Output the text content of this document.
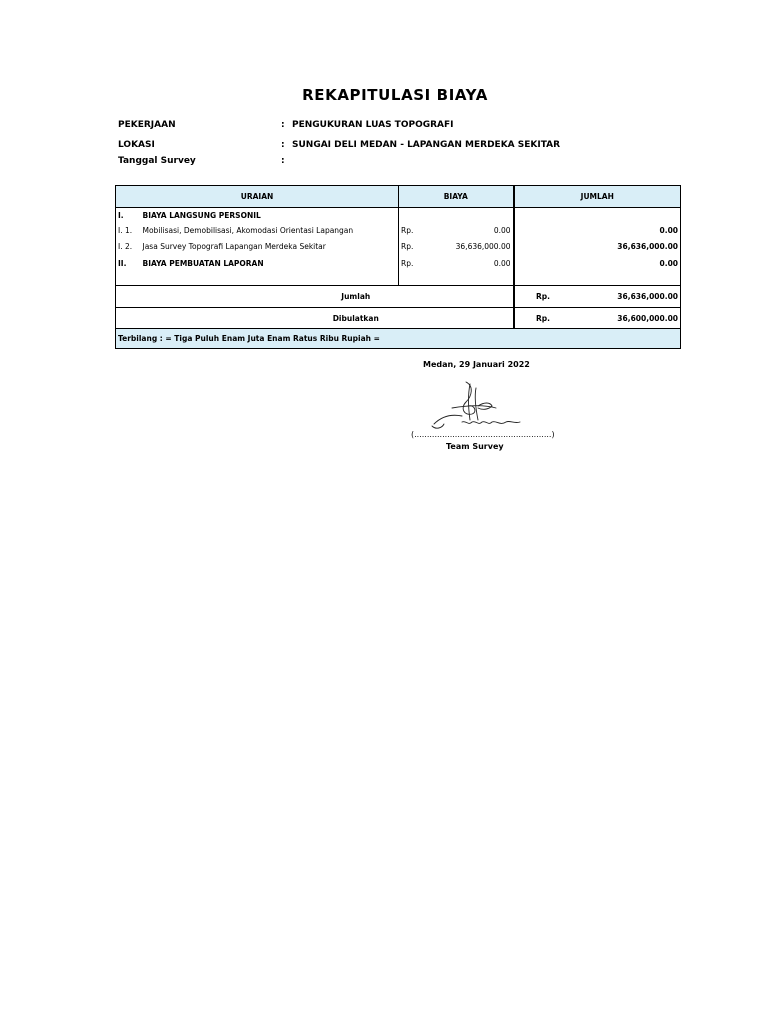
REKAPITULASI BIAYA
PEKERJAAN	: PENGUKURAN LUAS TOPOGRAFI
LOKASI	: SUNGAI DELI MEDAN - LAPANGAN MERDEKA SEKITAR
Tanggal Survey	:
URAIAN		BIAYA		JUMLAH	
I.	BIAYA LANGSUNG PERSONIL				
I. 1.	Mobilisasi, Demobilisasi, Akomodasi Orientasi Lapangan	Rp.	0.00		0.00
I. 2.	Jasa Survey Topografi Lapangan Merdeka Sekitar	Rp.	36,636,000.00		36,636,000.00
II.	BIAYA PEMBUATAN LAPORAN	Rp.	0.00		0.00

Jumlah				Rp.	36,636,000.00
Dibulatkan				Rp.	36,600,000.00
Terbilang : = Tiga Puluh Enam Juta Enam Ratus Ribu Rupiah =					
Medan, 29 Januari 2022
(......................................................)
Team Survey
